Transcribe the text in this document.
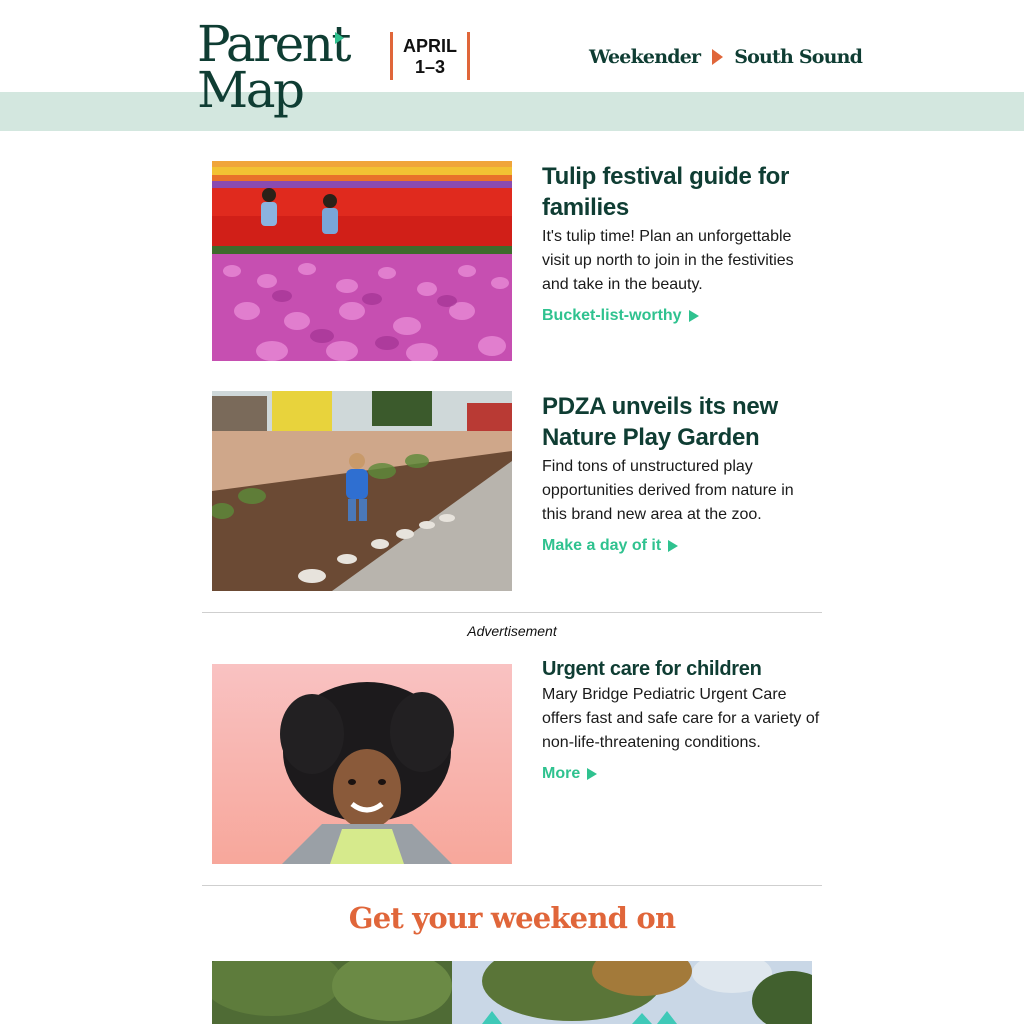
Parent
Map
APRIL
1–3	Weekender South Sound
Tulip festival guide for families
It's tulip time! Plan an unforgettable visit up north to join in the festivities and take in the beauty.
Bucket-list-worthy
PDZA unveils its new Nature Play Garden
Find tons of unstructured play opportunities derived from nature in this brand new area at the zoo.
Make a day of it
Advertisement
Urgent care for children
Mary Bridge Pediatric Urgent Care offers fast and safe care for a variety of non-life-threatening conditions.
More
Get your weekend on
